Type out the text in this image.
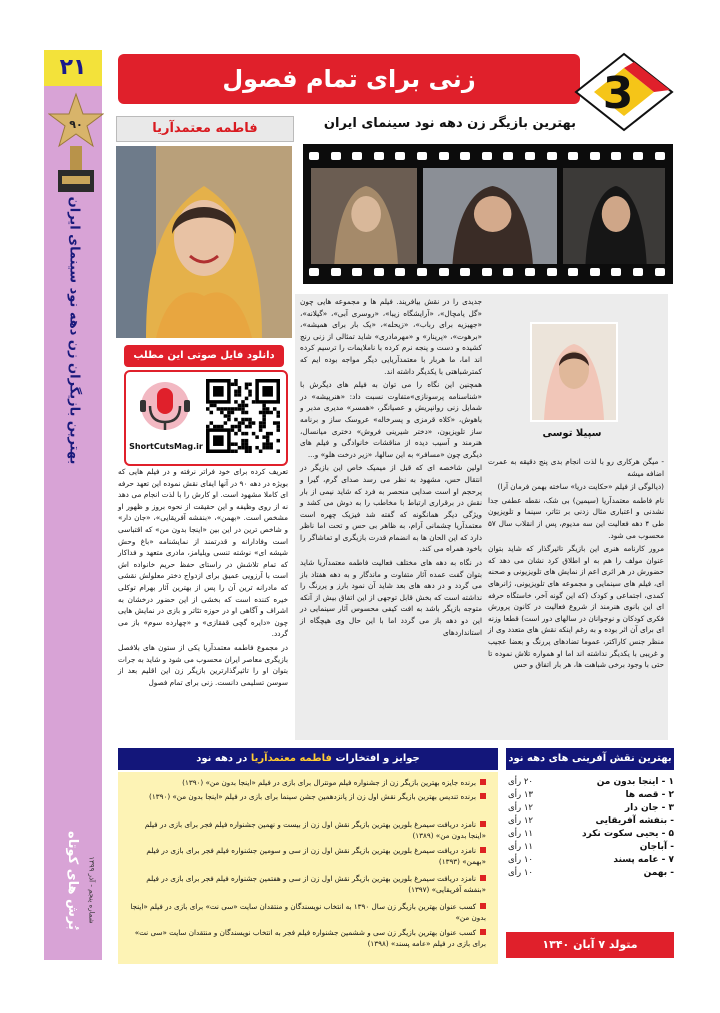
۲۱
۹۰
بهترین بازیگران زن دهه نود سینمای ایران
بُرش های کوتاه شماره پنجم - آذر ۱۳۹۹
زنی برای تمام فصول	3
بهترین بازیگر زن دهه نود سینمای ایران
فاطمه معتمدآریا
سپیلا توسی

- میگن هرکاری رو با لذت انجام بدی پنج دقیقه به عمرت اضافه میشه

(دیالوگی از فیلم «حکایت دریا» ساخته بهمن فرمان آرا)

نام فاطمه معتمدآریا (سیمین) بی شک، نقطه عطفی جدا نشدنی و اعتباری مثال زدنی بر تئاتر، سینما و تلویزیون طی ۴ دهه فعالیت این سه مدیوم، پس از انقلاب سال ۵۷ محسوب می شود.

مرور کارنامه هنری این بازیگر تاثیرگذار که شاید بتوان عنوان مولف را هم به او اطلاق کرد نشان می دهد که حضورش در هر اثری اعم از نمایش های تلویزیونی و صحنه ای، فیلم های سینمایی و مجموعه های تلویزیونی، ژانرهای کمدی، اجتماعی و کودک (که این گونه آخر، خاستگاه حرفه ای این بانوی هنرمند از شروع فعالیت در کانون پرورش فکری کودکان و نوجوانان در سالهای دور است) قطعا وزنه ای برای آن اثر بوده و به رغم اینکه نقش های متعدد وی از منظر جنس کاراکتر، عموما تضادهای پررنگ و بعضا عجیب و غریبی با یکدیگر نداشته اند اما او همواره تلاش نموده تا حتی با وجود برخی شباهت ها، هر بار اتفاق و حس

جدیدی را در نقش بیافریند. فیلم ها و مجموعه هایی چون «گل یامچال»، «آرایشگاه زیبا»، «روسری آبی»، «گیلانه»، «جهیزیه برای رباب»، «زیحله»، «یک بار برای همیشه»، «برهوت»، «پرینار» و «مهرمادری» شاید تمثالی از زنی رنج کشیده و دست و پنجه نرم کرده با ناملایمات را ترسیم کرده اند اما، ما هربار با معتمدآریایی دیگر مواجه بوده ایم که کمترشباهتی با یکدیگر داشته اند.

همچنین این نگاه را می توان به فیلم های دیگرش با «شناسنامه پرسونازی»متفاوت نسبت داد: «هنرپیشه» در شمایل زنی روانپریش و عصیانگر، «همسر» مدیری مدبر و باهوش، «کلاه قرمزی و پسرخاله» عروسک ساز و برنامه ساز تلویزیون، «دختر شیرینی فروش» دختری میانسال، هنرمند و آسیب دیده از مناقشات خانوادگی و فیلم های دیگری چون «مسافر» به این سالها، «زیر درخت هلو» و...

اولین شاخصه ای که قبل از میمیک خاص این بازیگر در انتقال حس، مشهود به نظر می رسد صدای گرم، گیرا و پرحجم او است صدایی منحصر به فرد که شاید نیمی از بار نقش در برقراری ارتباط با مخاطب را به دوش می کشد و ویژگی دیگر همانگونه که گفته شد فیزیک چهره است معتمدآریا چشمانی آرام، به ظاهر بی حس و تحت اما ناظر دارد که این الحان ها به انضمام قدرت بازیگری او تماشاگر را باخود همراه می کند.

در نگاه به دهه های مختلف فعالیت فاطمه معتمدآریا شاید بتوان گفت عمده آثار متفاوت و ماندگار و به دهه هفتاد باز می گردد و در دهه های بعد شاید آن نمود بارز و پررنگ را نداشته است که بخش قابل توجهی از این اتفاق بیش از آنکه متوجه بازیگر باشد به افت کیفی محسوس آثار سینمایی در این دو دهه باز می گردد اما با این حال وی هیچگاه از استانداردهای

تعریف کرده برای خود فراتر نرفته و در فیلم هایی که بویژه در دهه ۹۰ در آنها ایفای نقش نموده این تعهد حرفه ای کاملا مشهود است. او کارش را با لذت انجام می دهد نه از روی وظیفه و این حقیقت از نحوه بروز و ظهور او مشخص است. «بهمن»، «بنفشه آفریقایی»، «جان دار» و شاخص ترین در این بین «اینجا بدون من» که اقتباسی است وفادارانه و قدرتمند از نمایشنامه «باغ وحش شیشه ای» نوشته تنسی ویلیامز، مادری متعهد و فداکار که تمام تلاشش در راستای حفظ حریم خانواده اش است با آرزویی عمیق برای ازدواج دختر معلولش نقشی که مادرانه ترین آن را پس از بهترین آثار بهرام توکلی خیره کننده است که بخشی از این حضور درخشان به اشراف و آگاهی او در حوزه تئاتر و بازی در نمایش هایی چون «دایره گچی قفقازی» و «چهارده سوم» باز می گردد.

در مجموع فاطمه معتمدآریا یکی از ستون های بلافصل بازیگری معاصر ایران محسوب می شود و شاید به جرات بتوان او را تاثیرگذارترین بازیگر زن این اقلیم بعد از سوسن تسلیمی دانست. زنی برای تمام فصول

دانلود فایل صوتی این مطلب
ShortCutsMag.ir
جوایز و افتخارات فاطمه معتمدآریا در دهه نود
برنده جایزه بهترین بازیگر زن از جشنواره فیلم مونترال برای بازی در فیلم «اینجا بدون من» (۱۳۹۰)
برنده تندیس بهترین بازیگر نقش اول زن از پانزدهمین جشن سینما برای بازی در فیلم «اینجا بدون من» (۱۳۹۰)
نامزد دریافت سیمرغ بلورین بهترین بازیگر نقش اول زن از بیست و نهمین جشنواره فیلم فجر برای بازی در فیلم «اینجا بدون من» (۱۳۸۹)
نامزد دریافت سیمرغ بلورین بهترین بازیگر نقش اول زن از سی و سومین جشنواره فیلم فجر برای بازی در فیلم «بهمن» (۱۳۹۳)
نامزد دریافت سیمرغ بلورین بهترین بازیگر نقش اول زن از سی و هفتمین جشنواره فیلم فجر برای بازی در فیلم «بنفشه آفریقایی» (۱۳۹۷)
کسب عنوان بهترین بازیگر زن سال ۱۳۹۰ به انتخاب نویسندگان و منتقدان سایت «سی نت» برای بازی در فیلم «اینجا بدون من»
کسب عنوان بهترین بازیگر زن سی و ششمین جشنواره فیلم فجر به انتخاب نویسندگان و منتقدان سایت «سی نت» برای بازی در فیلم «عامه پسند» (۱۳۹۸)
بهترین نقش آفرینی های دهه نود
۱ - اینجا بدون من
۲۰ رأی
۲ - قصه ها
۱۳ رأی
۳ - جان دار
۱۲ رأی
- بنفشه آفریقایی
۱۲ رأی
۵ - یحیی سکوت نکرد
۱۱ رأی
- آباجان
۱۱ رأی
۷ - عامه پسند
۱۰ رأی
- بهمن
۱۰ رأی
متولد ۷ آبان ۱۳۴۰
